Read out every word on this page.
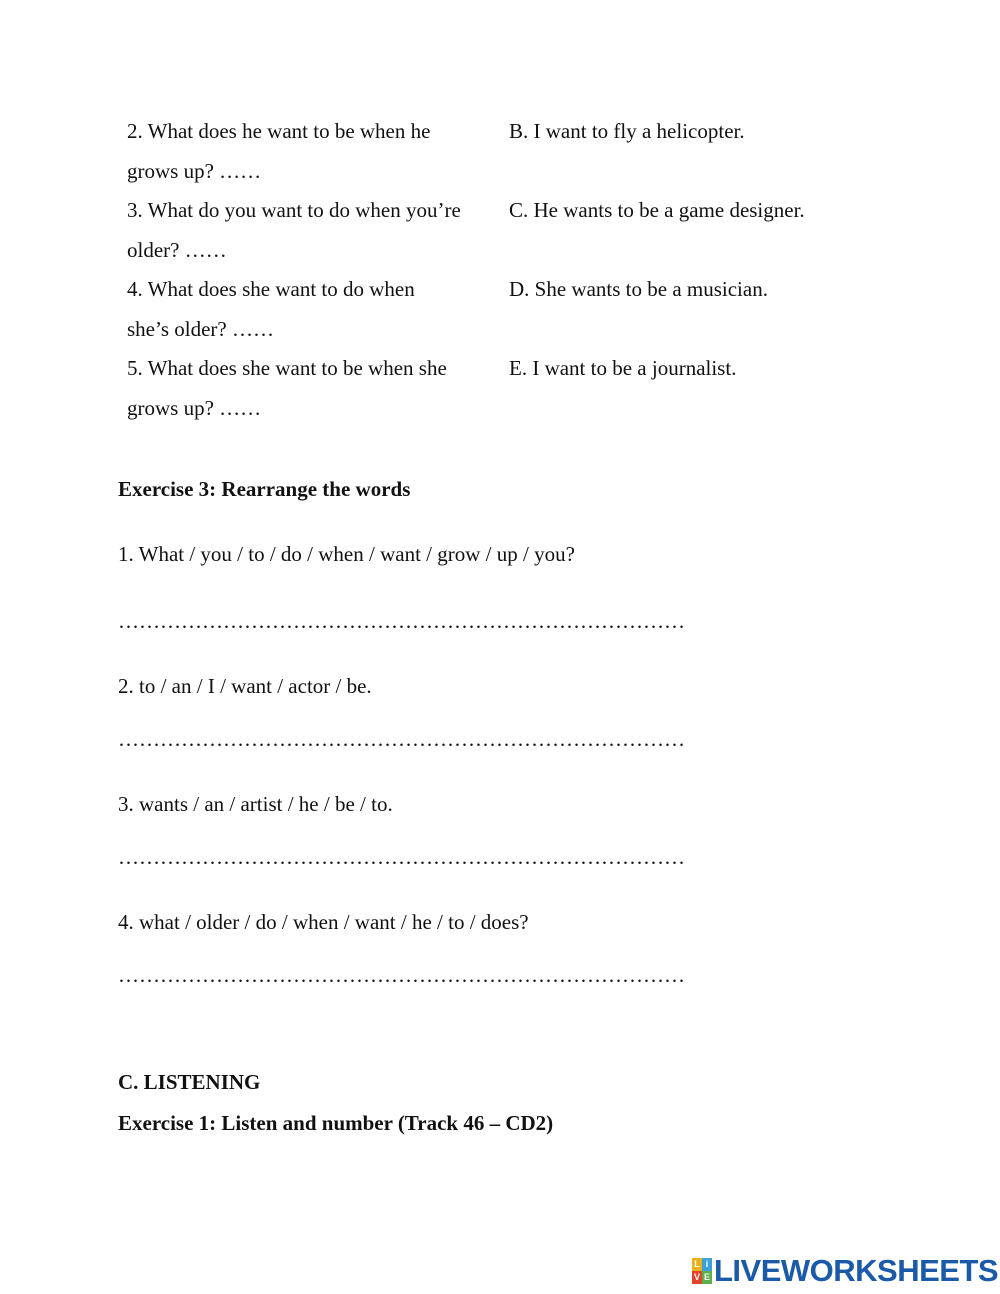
2. What does he want to be when he
grows up? ……
B. I want to fly a helicopter.
3. What do you want to do when you’re
older? ……
C. He wants to be a game designer.
4. What does she want to do when
she’s older? ……
D. She wants to be a musician.
5. What does she want to be when she
grows up? ……
E. I want to be a journalist.
Exercise 3: Rearrange the words
1. What / you / to / do / when / want / grow / up / you?
………………………………………………………………………
2. to / an / I / want / actor / be.
………………………………………………………………………
3. wants / an / artist / he / be / to.
………………………………………………………………………
4. what / older / do / when / want / he / to / does?
………………………………………………………………………
C. LISTENING
Exercise 1: Listen and number (Track 46 – CD2)
L i
V E LIVEWORKSHEETS
